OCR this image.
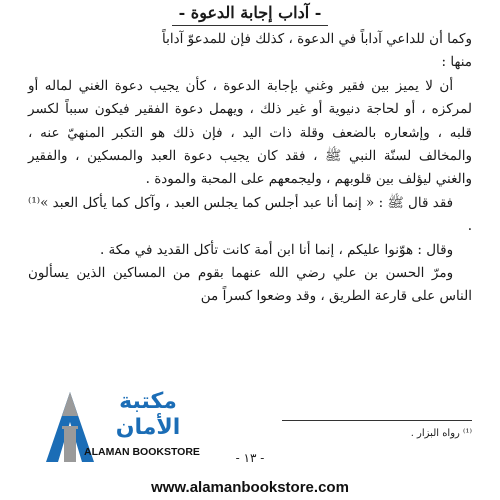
- آداب إجابة الدعوة -

وكما أن للداعي آداباً في الدعوة ، كذلك فإن للمدعوّ آداباً

منها :

أن لا يميز بين فقير وغني بإجابة الدعوة ، كأن يجيب دعوة الغني لماله أو لمركزه ، أو لحاجة دنيوية أو غير ذلك ، ويهمل دعوة الفقير فيكون سبباً لكسر قلبه ، وإشعاره بالضعف وقلة ذات اليد ، فإن ذلك هو التكبر المنهيّ عنه ، والمخالف لسنّة النبي ﷺ ، فقد كان يجيب دعوة العبد والمسكين ، والفقير والغني ليؤلف بين قلوبهم ، وليجمعهم على المحبة والمودة .

فقد قال ﷺ : « إنما أنا عبد أجلس كما يجلس العبد ، وآكل كما يأكل العبد »⁽¹⁾ .

وقال : هوّنوا عليكم ، إنما أنا ابن أمة كانت تأكل القديد في مكة .

ومرّ الحسن بن علي رضي الله عنهما بقوم من المساكين الذين يسألون الناس على قارعة الطريق ، وقد وضعوا كسراً من

⁽¹⁾ رواه البزار .
- ١٣ -
مكتبة
الأمان
ALAMAN BOOKSTORE
www.alamanbookstore.com
